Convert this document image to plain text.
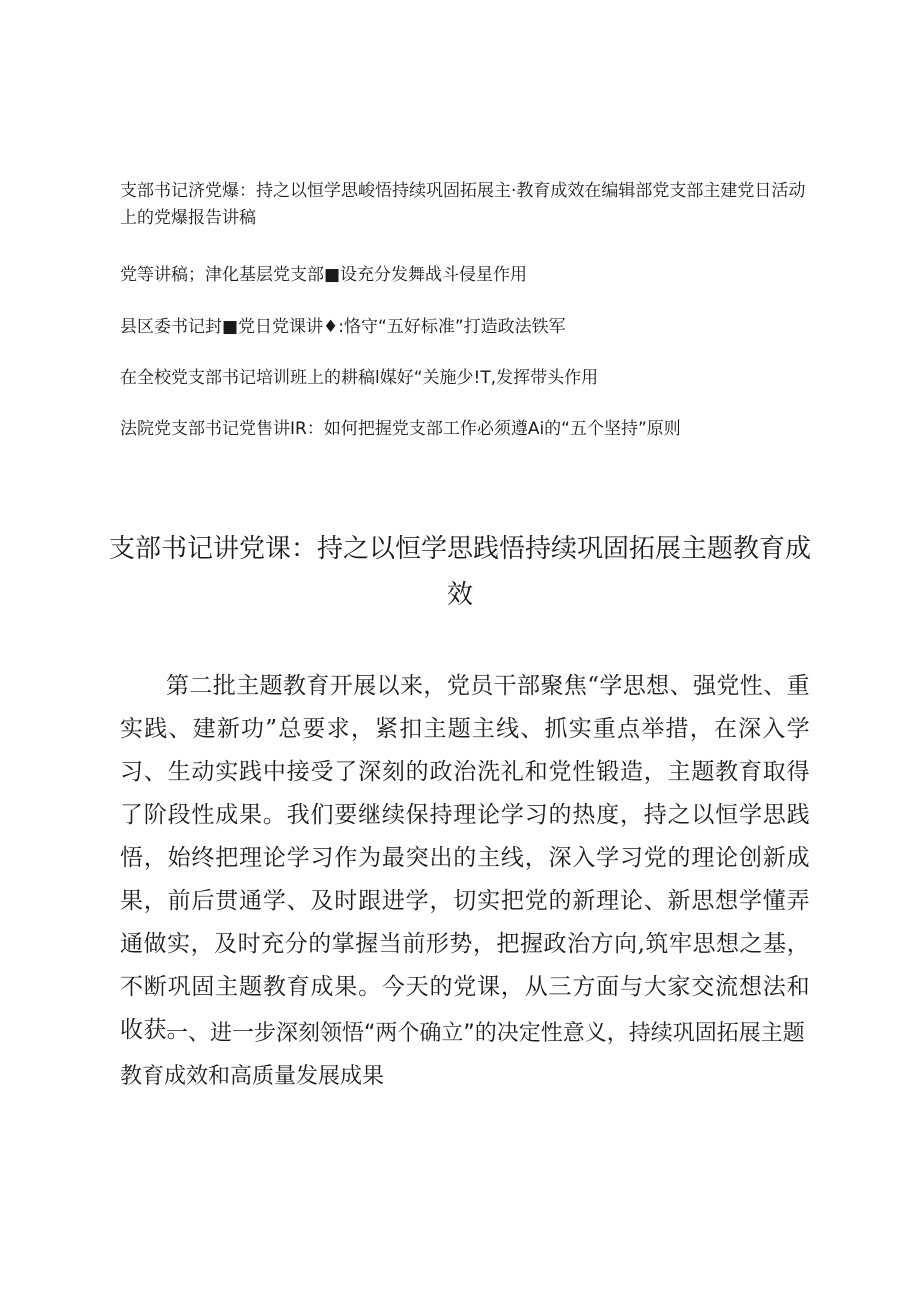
支部书记济党爆：持之以恒学思峻悟持续巩固拓展主·教育成效在编辑部党支部主建党日活动上的党爆报告讲稿
党等讲稿；津化基层党支部■设充分发舞战斗侵星作用
县区委书记封■党日党课讲♦:恪守“五好标准”打造政法铁军
在全校党支部书记培训班上的耕稿l媒好“关施少!T,发挥带头作用
法院党支部书记党售讲IR：如何把握党支部工作必须遵Ai的“五个坚持”原则
支部书记讲党课：持之以恒学思践悟持续巩固拓展主题教育成效
第二批主题教育开展以来，党员干部聚焦“学思想、强党性、重实践、建新功”总要求，紧扣主题主线、抓实重点举措，在深入学习、生动实践中接受了深刻的政治洗礼和党性锻造，主题教育取得了阶段性成果。我们要继续保持理论学习的热度，持之以恒学思践悟，始终把理论学习作为最突出的主线，深入学习党的理论创新成果，前后贯通学、及时跟进学，切实把党的新理论、新思想学懂弄通做实，及时充分的掌握当前形势，把握政治方向,筑牢思想之基，不断巩固主题教育成果。今天的党课，从三方面与大家交流想法和收获。
一、进一步深刻领悟“两个确立”的决定性意义，持续巩固拓展主题教育成效和高质量发展成果
